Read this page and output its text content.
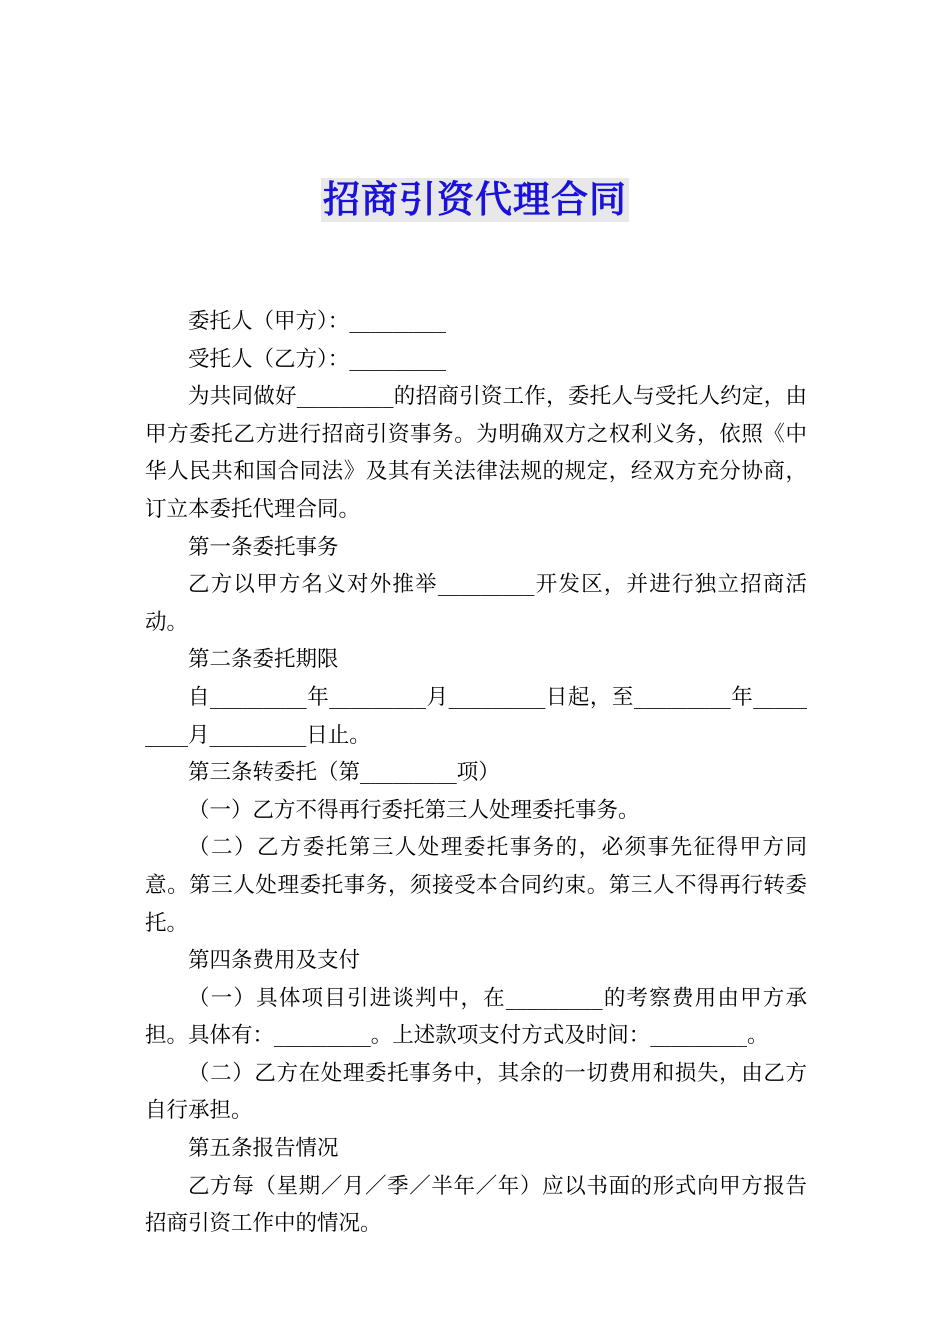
招商引资代理合同

委托人（甲方）：_________

受托人（乙方）：_________

为共同做好_________的招商引资工作，委托人与受托人约定，由甲方委托乙方进行招商引资事务。为明确双方之权利义务，依照《中华人民共和国合同法》及其有关法律法规的规定，经双方充分协商，订立本委托代理合同。

第一条委托事务

乙方以甲方名义对外推举_________开发区，并进行独立招商活动。

第二条委托期限

自_________年_________月_________日起，至_________年_________月_________日止。

第三条转委托（第_________项）

（一）乙方不得再行委托第三人处理委托事务。

（二）乙方委托第三人处理委托事务的，必须事先征得甲方同意。第三人处理委托事务，须接受本合同约束。第三人不得再行转委托。

第四条费用及支付

（一）具体项目引进谈判中，在_________的考察费用由甲方承担。具体有：_________。上述款项支付方式及时间：_________。

（二）乙方在处理委托事务中，其余的一切费用和损失，由乙方自行承担。

第五条报告情况

乙方每（星期／月／季／半年／年）应以书面的形式向甲方报告招商引资工作中的情况。
